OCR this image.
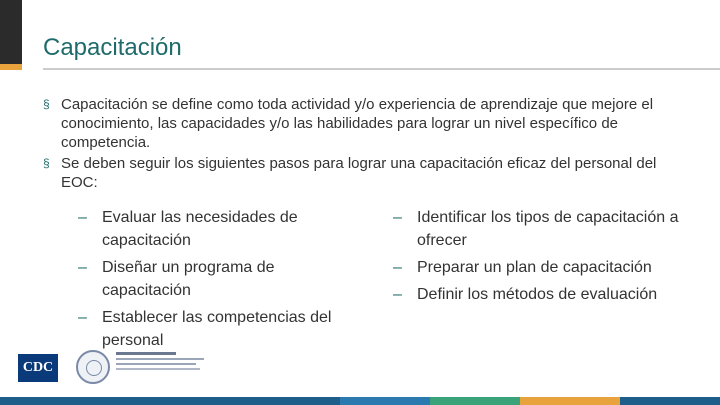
Capacitación
§ Capacitación se define como toda actividad y/o experiencia de aprendizaje que mejore el conocimiento, las capacidades y/o las habilidades para lograr un nivel específico de competencia.
§ Se deben seguir los siguientes pasos para lograr una capacitación eficaz del personal del EOC:
– Evaluar las necesidades de capacitación
– Diseñar un programa de capacitación
– Establecer las competencias del personal
– Identificar los tipos de capacitación a ofrecer
– Preparar un plan de capacitación
– Definir los métodos de evaluación
CDC
